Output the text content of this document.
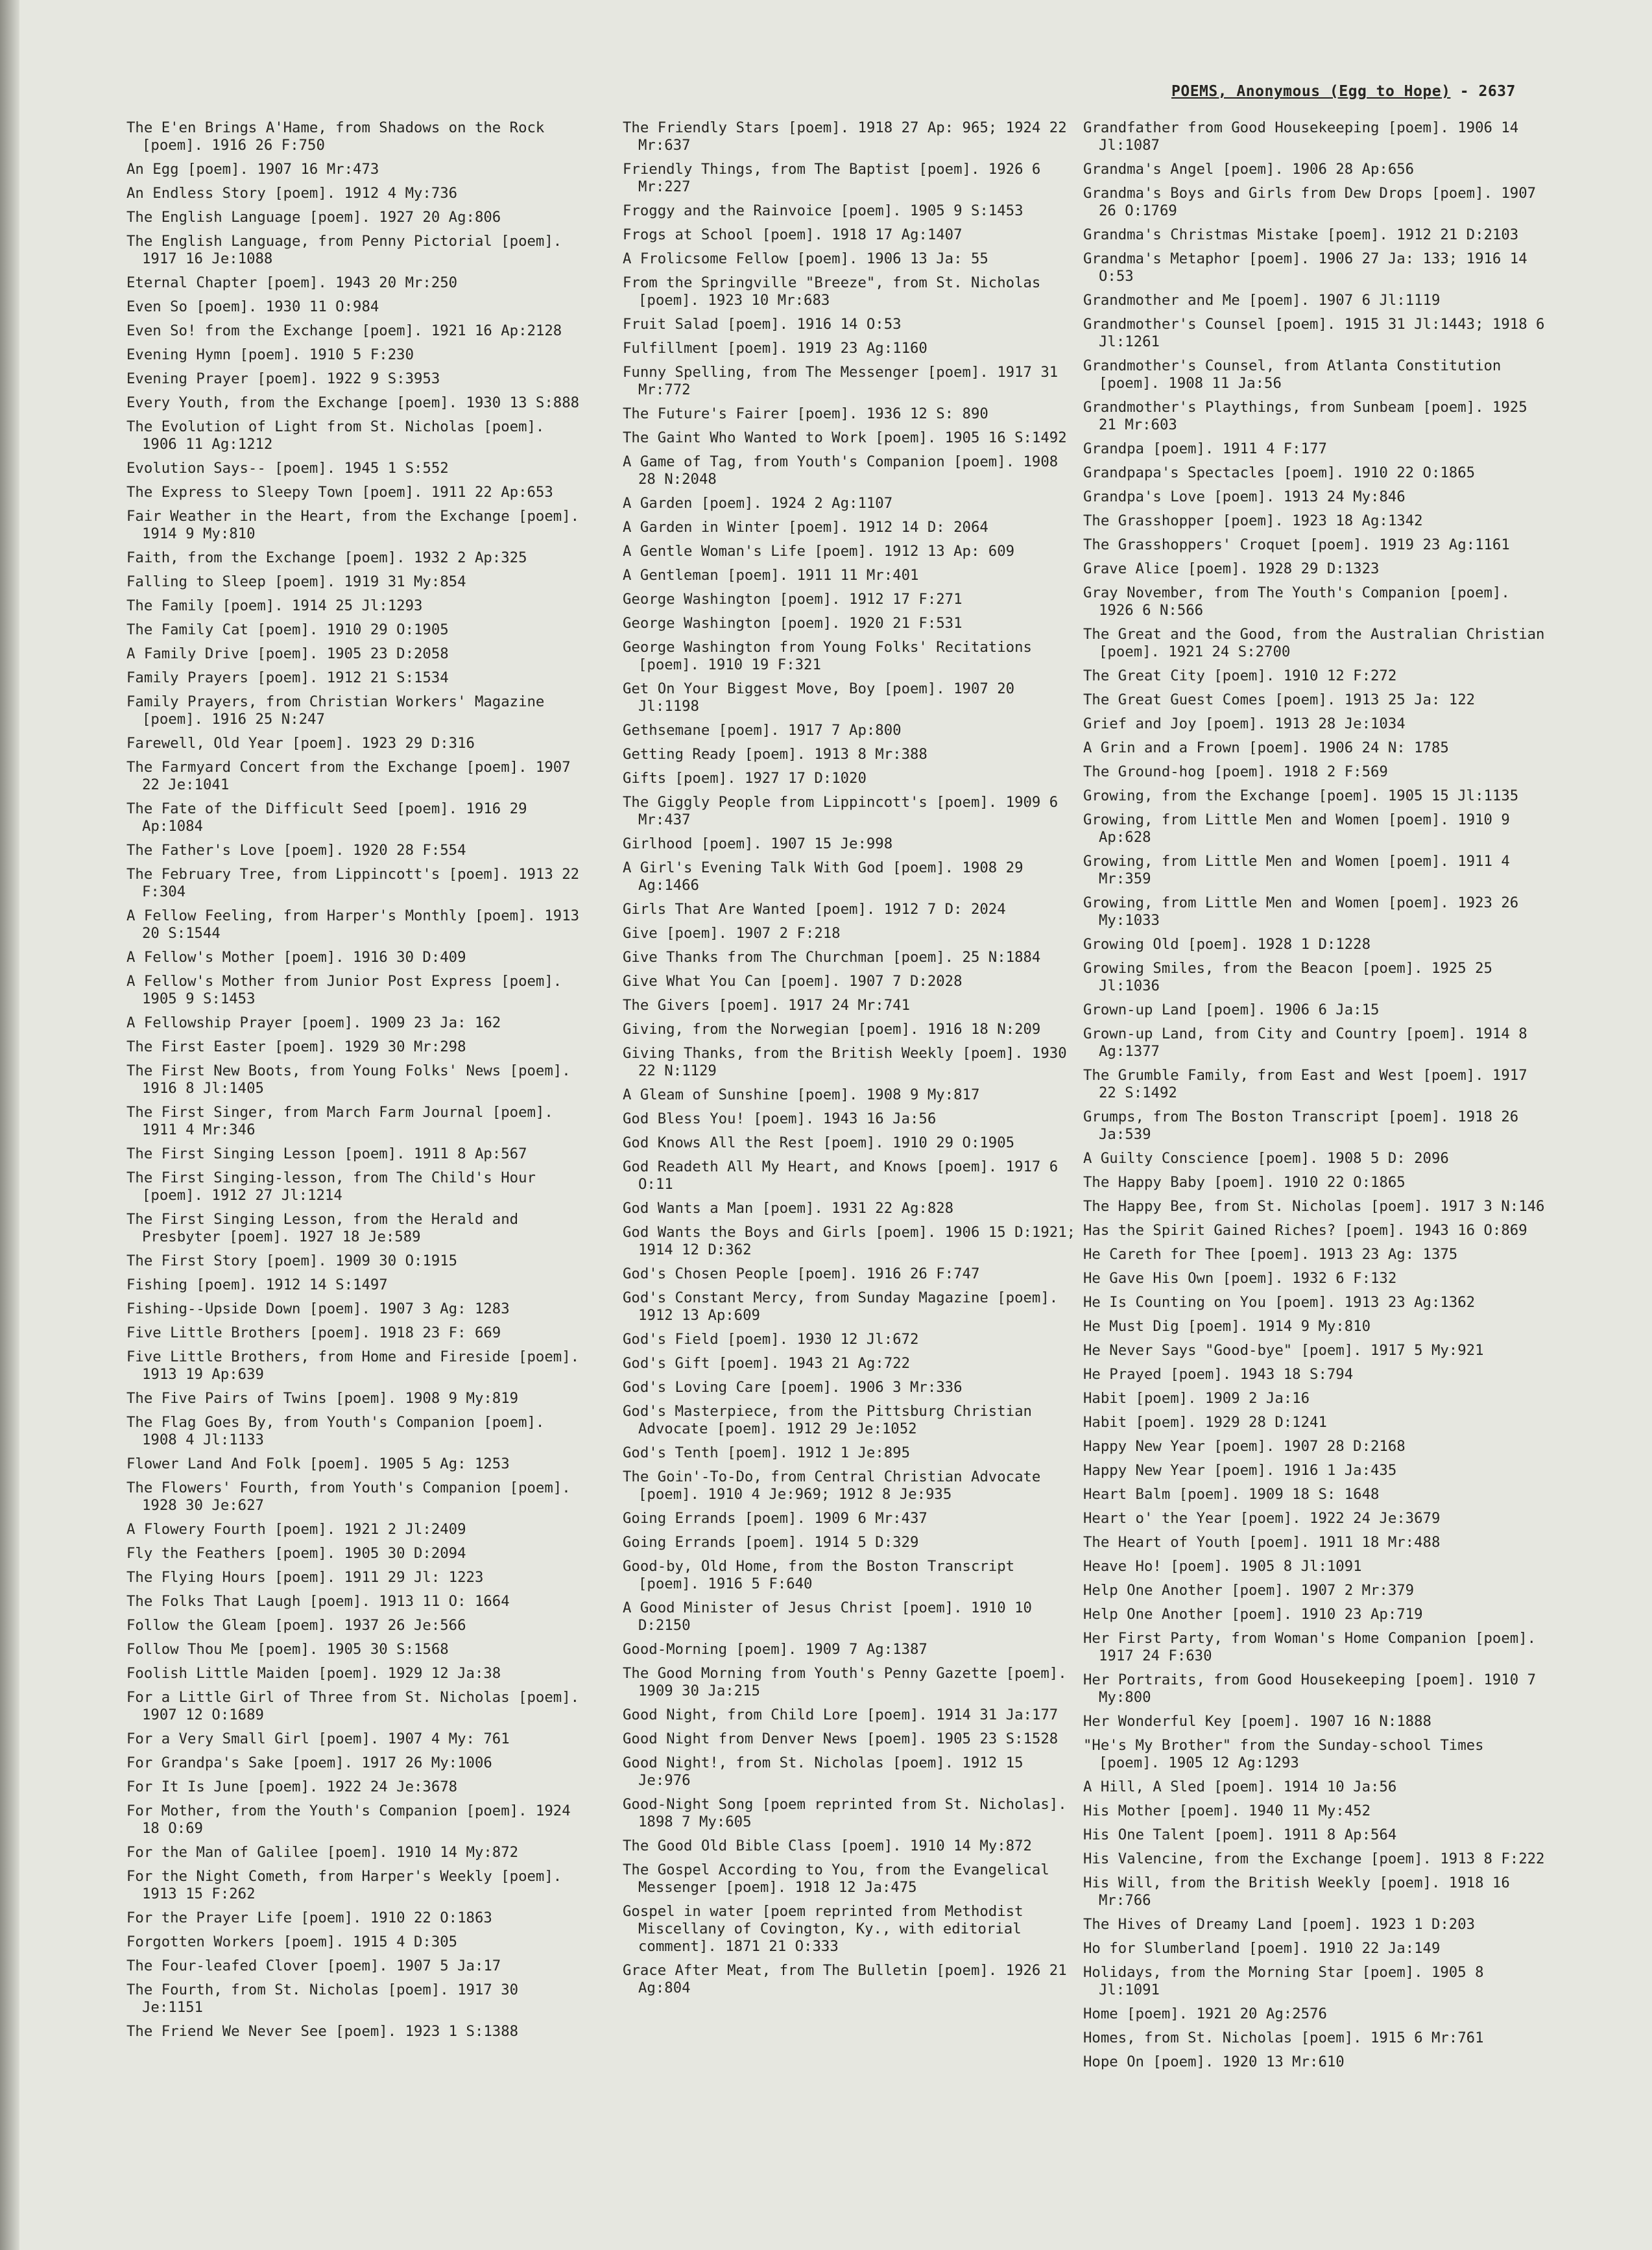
POEMS, Anonymous (Egg to Hope) - 2637
The E'en Brings A'Hame, from Shadows on the Rock [poem]. 1916 26 F:750
An Egg [poem]. 1907 16 Mr:473
An Endless Story [poem]. 1912 4 My:736
The English Language [poem]. 1927 20 Ag:806
The English Language, from Penny Pictorial [poem]. 1917 16 Je:1088
Eternal Chapter [poem]. 1943 20 Mr:250
Even So [poem]. 1930 11 O:984
Even So! from the Exchange [poem]. 1921 16 Ap:2128
Evening Hymn [poem]. 1910 5 F:230
Evening Prayer [poem]. 1922 9 S:3953
Every Youth, from the Exchange [poem]. 1930 13 S:888
The Evolution of Light from St. Nicholas [poem]. 1906 11 Ag:1212
Evolution Says-- [poem]. 1945 1 S:552
The Express to Sleepy Town [poem]. 1911 22 Ap:653
Fair Weather in the Heart, from the Exchange [poem]. 1914 9 My:810
Faith, from the Exchange [poem]. 1932 2 Ap:325
Falling to Sleep [poem]. 1919 31 My:854
The Family [poem]. 1914 25 Jl:1293
The Family Cat [poem]. 1910 29 O:1905
A Family Drive [poem]. 1905 23 D:2058
Family Prayers [poem]. 1912 21 S:1534
Family Prayers, from Christian Workers' Magazine [poem]. 1916 25 N:247
Farewell, Old Year [poem]. 1923 29 D:316
The Farmyard Concert from the Exchange [poem]. 1907 22 Je:1041
The Fate of the Difficult Seed [poem]. 1916 29 Ap:1084
The Father's Love [poem]. 1920 28 F:554
The February Tree, from Lippincott's [poem]. 1913 22 F:304
A Fellow Feeling, from Harper's Monthly [poem]. 1913 20 S:1544
A Fellow's Mother [poem]. 1916 30 D:409
A Fellow's Mother from Junior Post Express [poem]. 1905 9 S:1453
A Fellowship Prayer [poem]. 1909 23 Ja: 162
The First Easter [poem]. 1929 30 Mr:298
The First New Boots, from Young Folks' News [poem]. 1916 8 Jl:1405
The First Singer, from March Farm Journal [poem]. 1911 4 Mr:346
The First Singing Lesson [poem]. 1911 8 Ap:567
The First Singing-lesson, from The Child's Hour [poem]. 1912 27 Jl:1214
The First Singing Lesson, from the Herald and Presbyter [poem]. 1927 18 Je:589
The First Story [poem]. 1909 30 O:1915
Fishing [poem]. 1912 14 S:1497
Fishing--Upside Down [poem]. 1907 3 Ag: 1283
Five Little Brothers [poem]. 1918 23 F: 669
Five Little Brothers, from Home and Fireside [poem]. 1913 19 Ap:639
The Five Pairs of Twins [poem]. 1908 9 My:819
The Flag Goes By, from Youth's Companion [poem]. 1908 4 Jl:1133
Flower Land And Folk [poem]. 1905 5 Ag: 1253
The Flowers' Fourth, from Youth's Companion [poem]. 1928 30 Je:627
A Flowery Fourth [poem]. 1921 2 Jl:2409
Fly the Feathers [poem]. 1905 30 D:2094
The Flying Hours [poem]. 1911 29 Jl: 1223
The Folks That Laugh [poem]. 1913 11 O: 1664
Follow the Gleam [poem]. 1937 26 Je:566
Follow Thou Me [poem]. 1905 30 S:1568
Foolish Little Maiden [poem]. 1929 12 Ja:38
For a Little Girl of Three from St. Nicholas [poem]. 1907 12 O:1689
For a Very Small Girl [poem]. 1907 4 My: 761
For Grandpa's Sake [poem]. 1917 26 My:1006
For It Is June [poem]. 1922 24 Je:3678
For Mother, from the Youth's Companion [poem]. 1924 18 O:69
For the Man of Galilee [poem]. 1910 14 My:872
For the Night Cometh, from Harper's Weekly [poem]. 1913 15 F:262
For the Prayer Life [poem]. 1910 22 O:1863
Forgotten Workers [poem]. 1915 4 D:305
The Four-leafed Clover [poem]. 1907 5 Ja:17
The Fourth, from St. Nicholas [poem]. 1917 30 Je:1151
The Friend We Never See [poem]. 1923 1 S:1388
The Friendly Stars [poem]. 1918 27 Ap: 965; 1924 22 Mr:637
Friendly Things, from The Baptist [poem]. 1926 6 Mr:227
Froggy and the Rainvoice [poem]. 1905 9 S:1453
Frogs at School [poem]. 1918 17 Ag:1407
A Frolicsome Fellow [poem]. 1906 13 Ja: 55
From the Springville "Breeze", from St. Nicholas [poem]. 1923 10 Mr:683
Fruit Salad [poem]. 1916 14 O:53
Fulfillment [poem]. 1919 23 Ag:1160
Funny Spelling, from The Messenger [poem]. 1917 31 Mr:772
The Future's Fairer [poem]. 1936 12 S: 890
The Gaint Who Wanted to Work [poem]. 1905 16 S:1492
A Game of Tag, from Youth's Companion [poem]. 1908 28 N:2048
A Garden [poem]. 1924 2 Ag:1107
A Garden in Winter [poem]. 1912 14 D: 2064
A Gentle Woman's Life [poem]. 1912 13 Ap: 609
A Gentleman [poem]. 1911 11 Mr:401
George Washington [poem]. 1912 17 F:271
George Washington [poem]. 1920 21 F:531
George Washington from Young Folks' Recitations [poem]. 1910 19 F:321
Get On Your Biggest Move, Boy [poem]. 1907 20 Jl:1198
Gethsemane [poem]. 1917 7 Ap:800
Getting Ready [poem]. 1913 8 Mr:388
Gifts [poem]. 1927 17 D:1020
The Giggly People from Lippincott's [poem]. 1909 6 Mr:437
Girlhood [poem]. 1907 15 Je:998
A Girl's Evening Talk With God [poem]. 1908 29 Ag:1466
Girls That Are Wanted [poem]. 1912 7 D: 2024
Give [poem]. 1907 2 F:218
Give Thanks from The Churchman [poem]. 25 N:1884
Give What You Can [poem]. 1907 7 D:2028
The Givers [poem]. 1917 24 Mr:741
Giving, from the Norwegian [poem]. 1916 18 N:209
Giving Thanks, from the British Weekly [poem]. 1930 22 N:1129
A Gleam of Sunshine [poem]. 1908 9 My:817
God Bless You! [poem]. 1943 16 Ja:56
God Knows All the Rest [poem]. 1910 29 O:1905
God Readeth All My Heart, and Knows [poem]. 1917 6 O:11
God Wants a Man [poem]. 1931 22 Ag:828
God Wants the Boys and Girls [poem]. 1906 15 D:1921; 1914 12 D:362
God's Chosen People [poem]. 1916 26 F:747
God's Constant Mercy, from Sunday Magazine [poem]. 1912 13 Ap:609
God's Field [poem]. 1930 12 Jl:672
God's Gift [poem]. 1943 21 Ag:722
God's Loving Care [poem]. 1906 3 Mr:336
God's Masterpiece, from the Pittsburg Christian Advocate [poem]. 1912 29 Je:1052
God's Tenth [poem]. 1912 1 Je:895
The Goin'-To-Do, from Central Christian Advocate [poem]. 1910 4 Je:969; 1912 8 Je:935
Going Errands [poem]. 1909 6 Mr:437
Going Errands [poem]. 1914 5 D:329
Good-by, Old Home, from the Boston Transcript [poem]. 1916 5 F:640
A Good Minister of Jesus Christ [poem]. 1910 10 D:2150
Good-Morning [poem]. 1909 7 Ag:1387
The Good Morning from Youth's Penny Gazette [poem]. 1909 30 Ja:215
Good Night, from Child Lore [poem]. 1914 31 Ja:177
Good Night from Denver News [poem]. 1905 23 S:1528
Good Night!, from St. Nicholas [poem]. 1912 15 Je:976
Good-Night Song [poem reprinted from St. Nicholas]. 1898 7 My:605
The Good Old Bible Class [poem]. 1910 14 My:872
The Gospel According to You, from the Evangelical Messenger [poem]. 1918 12 Ja:475
Gospel in water [poem reprinted from Methodist Miscellany of Covington, Ky., with editorial comment]. 1871 21 O:333
Grace After Meat, from The Bulletin [poem]. 1926 21 Ag:804
Grandfather from Good Housekeeping [poem]. 1906 14 Jl:1087
Grandma's Angel [poem]. 1906 28 Ap:656
Grandma's Boys and Girls from Dew Drops [poem]. 1907 26 O:1769
Grandma's Christmas Mistake [poem]. 1912 21 D:2103
Grandma's Metaphor [poem]. 1906 27 Ja: 133; 1916 14 O:53
Grandmother and Me [poem]. 1907 6 Jl:1119
Grandmother's Counsel [poem]. 1915 31 Jl:1443; 1918 6 Jl:1261
Grandmother's Counsel, from Atlanta Constitution [poem]. 1908 11 Ja:56
Grandmother's Playthings, from Sunbeam [poem]. 1925 21 Mr:603
Grandpa [poem]. 1911 4 F:177
Grandpapa's Spectacles [poem]. 1910 22 O:1865
Grandpa's Love [poem]. 1913 24 My:846
The Grasshopper [poem]. 1923 18 Ag:1342
The Grasshoppers' Croquet [poem]. 1919 23 Ag:1161
Grave Alice [poem]. 1928 29 D:1323
Gray November, from The Youth's Companion [poem]. 1926 6 N:566
The Great and the Good, from the Australian Christian [poem]. 1921 24 S:2700
The Great City [poem]. 1910 12 F:272
The Great Guest Comes [poem]. 1913 25 Ja: 122
Grief and Joy [poem]. 1913 28 Je:1034
A Grin and a Frown [poem]. 1906 24 N: 1785
The Ground-hog [poem]. 1918 2 F:569
Growing, from the Exchange [poem]. 1905 15 Jl:1135
Growing, from Little Men and Women [poem]. 1910 9 Ap:628
Growing, from Little Men and Women [poem]. 1911 4 Mr:359
Growing, from Little Men and Women [poem]. 1923 26 My:1033
Growing Old [poem]. 1928 1 D:1228
Growing Smiles, from the Beacon [poem]. 1925 25 Jl:1036
Grown-up Land [poem]. 1906 6 Ja:15
Grown-up Land, from City and Country [poem]. 1914 8 Ag:1377
The Grumble Family, from East and West [poem]. 1917 22 S:1492
Grumps, from The Boston Transcript [poem]. 1918 26 Ja:539
A Guilty Conscience [poem]. 1908 5 D: 2096
The Happy Baby [poem]. 1910 22 O:1865
The Happy Bee, from St. Nicholas [poem]. 1917 3 N:146
Has the Spirit Gained Riches? [poem]. 1943 16 O:869
He Careth for Thee [poem]. 1913 23 Ag: 1375
He Gave His Own [poem]. 1932 6 F:132
He Is Counting on You [poem]. 1913 23 Ag:1362
He Must Dig [poem]. 1914 9 My:810
He Never Says "Good-bye" [poem]. 1917 5 My:921
He Prayed [poem]. 1943 18 S:794
Habit [poem]. 1909 2 Ja:16
Habit [poem]. 1929 28 D:1241
Happy New Year [poem]. 1907 28 D:2168
Happy New Year [poem]. 1916 1 Ja:435
Heart Balm [poem]. 1909 18 S: 1648
Heart o' the Year [poem]. 1922 24 Je:3679
The Heart of Youth [poem]. 1911 18 Mr:488
Heave Ho! [poem]. 1905 8 Jl:1091
Help One Another [poem]. 1907 2 Mr:379
Help One Another [poem]. 1910 23 Ap:719
Her First Party, from Woman's Home Companion [poem]. 1917 24 F:630
Her Portraits, from Good Housekeeping [poem]. 1910 7 My:800
Her Wonderful Key [poem]. 1907 16 N:1888
"He's My Brother" from the Sunday-school Times [poem]. 1905 12 Ag:1293
A Hill, A Sled [poem]. 1914 10 Ja:56
His Mother [poem]. 1940 11 My:452
His One Talent [poem]. 1911 8 Ap:564
His Valencine, from the Exchange [poem]. 1913 8 F:222
His Will, from the British Weekly [poem]. 1918 16 Mr:766
The Hives of Dreamy Land [poem]. 1923 1 D:203
Ho for Slumberland [poem]. 1910 22 Ja:149
Holidays, from the Morning Star [poem]. 1905 8 Jl:1091
Home [poem]. 1921 20 Ag:2576
Homes, from St. Nicholas [poem]. 1915 6 Mr:761
Hope On [poem]. 1920 13 Mr:610
